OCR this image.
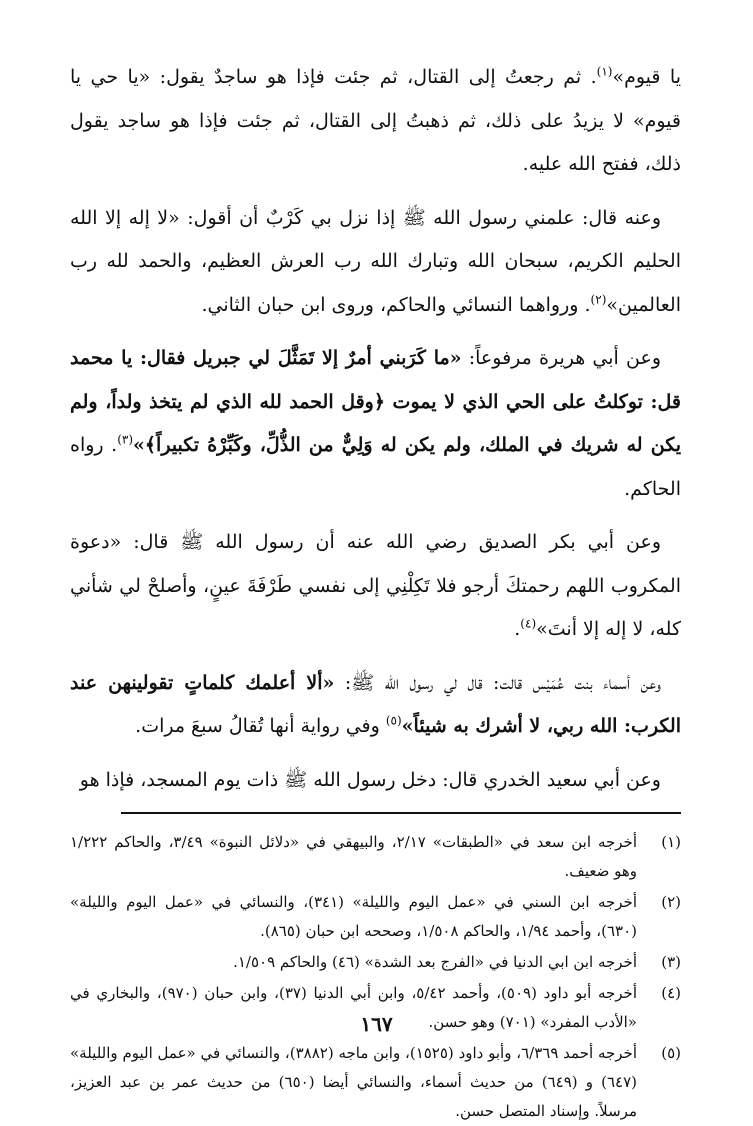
يا قيوم»$^{(١)}$. ثم رجعتُ إلى القتال، ثم جئت فإذا هو ساجدٌ يقول: «يا حي يا قيوم» لا يزيدُ على ذلك، ثم ذهبتُ إلى القتال، ثم جئت فإذا هو ساجد يقول ذلك، ففتح الله عليه.

وعنه قال: علمني رسول الله ﷺ إذا نزل بي كَرْبٌ أن أقول: «لا إله إلا الله الحليم الكريم، سبحان الله وتبارك الله رب العرش العظيم، والحمد لله رب العالمين»$^{(٢)}$. ورواهما النسائي والحاكم، وروى ابن حبان الثاني.

وعن أبي هريرة مرفوعاً: «ما كَرَبني أمرٌ إلا تَمَثَّلَ لي جبريل فقال: يا محمد قل: توكلتُ على الحي الذي لا يموت ﴿وقل الحمد لله الذي لم يتخذ ولداً، ولم يكن له شريك في الملك، ولم يكن له وَلِيٌّ من الذُّلِّ، وكَبِّرْهُ تكبيراً﴾»$^{(٣)}$. رواه الحاكم.

وعن أبي بكر الصديق رضي الله عنه أن رسول الله ﷺ قال: «دعوة المكروب اللهم رحمتكَ أرجو فلا تَكِلْنِي إلى نفسي طَرْفَةَ عينٍ، وأصلحْ لي شأني كله، لا إله إلا أنتَ»$^{(٤)}$.

وعن أسماء بنت عُمَيْس قالت: قال لي رسول الله ﷺ: «ألا أعلمك كلماتٍ تقولينهن عند الكرب: الله ربي، لا أشرك به شيئاً»$^{(٥)}$ وفي رواية أنها تُقالُ سبعَ مرات.

وعن أبي سعيد الخدري قال: دخل رسول الله ﷺ ذات يوم المسجد، فإذا هو

(١)
أخرجه ابن سعد في «الطبقات» ٢/١٧، والبيهقي في «دلائل النبوة» ٣/٤٩، والحاكم ١/٢٢٢ وهو ضعيف.
(٢)
أخرجه ابن السني في «عمل اليوم والليلة» (٣٤١)، والنسائي في «عمل اليوم والليلة» (٦٣٠)، وأحمد ١/٩٤، والحاكم ١/٥٠٨، وصححه ابن حبان (٨٦٥).
(٣)
أخرجه ابن ابي الدنيا في «الفرج بعد الشدة» (٤٦) والحاكم ١/٥٠٩.
(٤)
أخرجه أبو داود (٥٠٩)، وأحمد ٥/٤٢، وابن أبي الدنيا (٣٧)، وابن حبان (٩٧٠)، والبخاري في «الأدب المفرد» (٧٠١) وهو حسن.
(٥)
أخرجه أحمد ٦/٣٦٩، وأبو داود (١٥٢٥)، وابن ماجه (٣٨٨٢)، والنسائي في «عمل اليوم والليلة» (٦٤٧) و (٦٤٩) من حديث أسماء، والنسائي أيضا (٦٥٠) من حديث عمر بن عبد العزيز، مرسلاً. وإسناد المتصل حسن.
١٦٧
